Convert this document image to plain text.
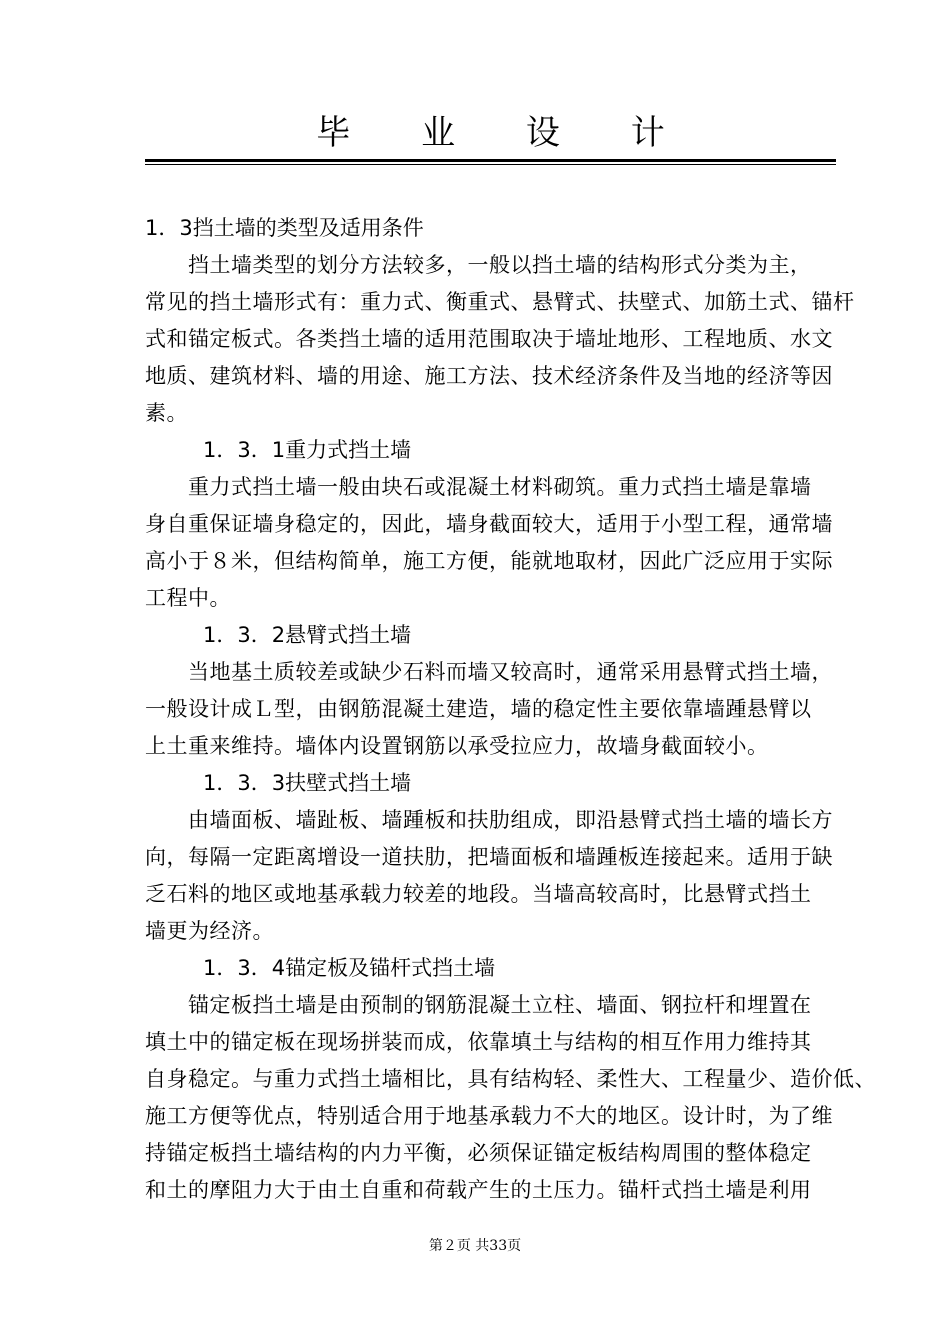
毕 业 设 计
1．3挡土墙的类型及适用条件
挡土墙类型的划分方法较多，一般以挡土墙的结构形式分类为主，
常见的挡土墙形式有：重力式、衡重式、悬臂式、扶壁式、加筋土式、锚杆
式和锚定板式。各类挡土墙的适用范围取决于墙址地形、工程地质、水文
地质、建筑材料、墙的用途、施工方法、技术经济条件及当地的经济等因
素。
1．3．1重力式挡土墙
重力式挡土墙一般由块石或混凝土材料砌筑。重力式挡土墙是靠墙
身自重保证墙身稳定的，因此，墙身截面较大，适用于小型工程，通常墙
高小于８米，但结构简单，施工方便，能就地取材，因此广泛应用于实际
工程中。
1．3．2悬臂式挡土墙
当地基土质较差或缺少石料而墙又较高时，通常采用悬臂式挡土墙，
一般设计成Ｌ型，由钢筋混凝土建造，墙的稳定性主要依靠墙踵悬臂以
上土重来维持。墙体内设置钢筋以承受拉应力，故墙身截面较小。
1．3．3扶壁式挡土墙
由墙面板、墙趾板、墙踵板和扶肋组成，即沿悬臂式挡土墙的墙长方
向，每隔一定距离增设一道扶肋，把墙面板和墙踵板连接起来。适用于缺
乏石料的地区或地基承载力较差的地段。当墙高较高时，比悬臂式挡土
墙更为经济。
1．3．4锚定板及锚杆式挡土墙
锚定板挡土墙是由预制的钢筋混凝土立柱、墙面、钢拉杆和埋置在
填土中的锚定板在现场拼装而成，依靠填土与结构的相互作用力维持其
自身稳定。与重力式挡土墙相比，具有结构轻、柔性大、工程量少、造价低、
施工方便等优点，特别适合用于地基承载力不大的地区。设计时，为了维
持锚定板挡土墙结构的内力平衡，必须保证锚定板结构周围的整体稳定
和土的摩阻力大于由土自重和荷载产生的土压力。锚杆式挡土墙是利用
第２页 共33页
